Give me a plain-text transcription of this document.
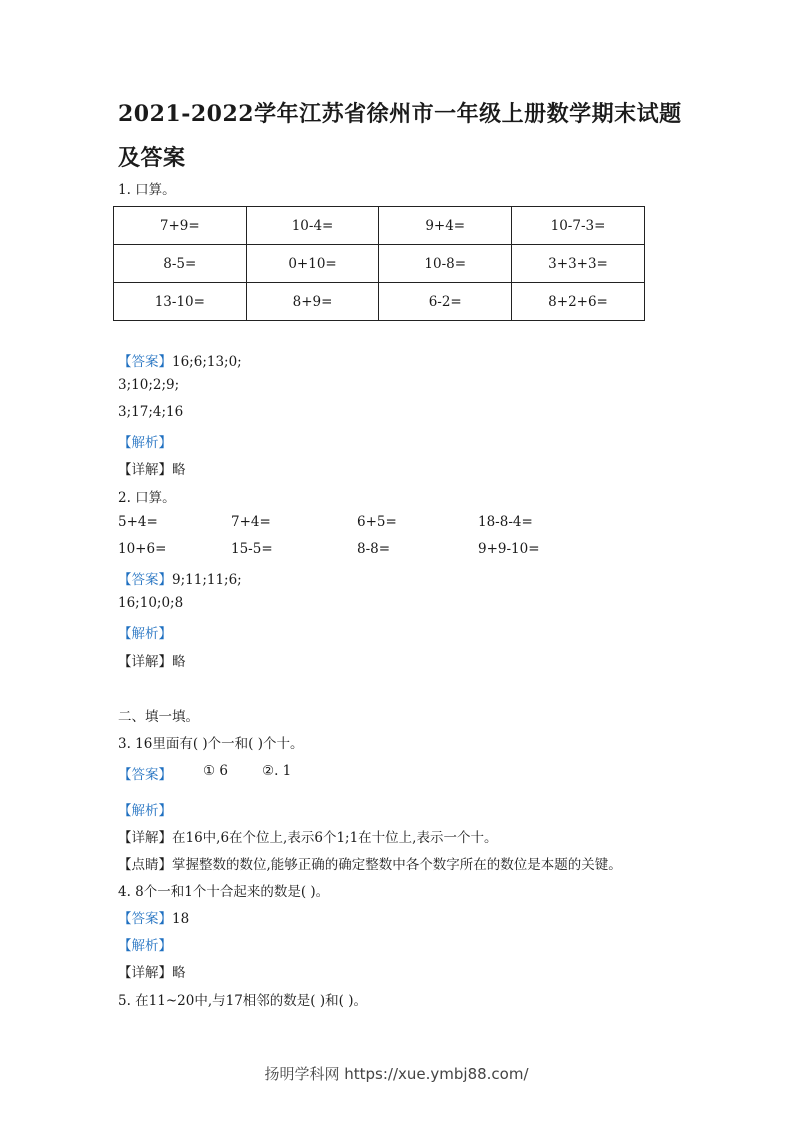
2021-2022学年江苏省徐州市一年级上册数学期末试题及答案
1. 口算。
7+9=	10-4=	9+4=	10-7-3=
8-5=	0+10=	10-8=	3+3+3=
13-10=	8+9=	6-2=	8+2+6=
【答案】16;6;13;0;
3;10;2;9;
3;17;4;16
【解析】
【详解】略
2. 口算。
5+4=	7+4=	6+5=	18-8-4=
10+6=	15-5=	8-8=	9+9-10=
【答案】9;11;11;6;
16;10;0;8
【解析】
【详解】略
二、填一填。
3. 16里面有( )个一和( )个十。
【答案】 ① 6	②. 1
【解析】
【详解】在16中,6在个位上,表示6个1;1在十位上,表示一个十。
【点睛】掌握整数的数位,能够正确的确定整数中各个数字所在的数位是本题的关键。
4. 8个一和1个十合起来的数是( )。
【答案】18
【解析】
【详解】略
5. 在11~20中,与17相邻的数是( )和( )。
扬明学科网 https://xue.ymbj88.com/
